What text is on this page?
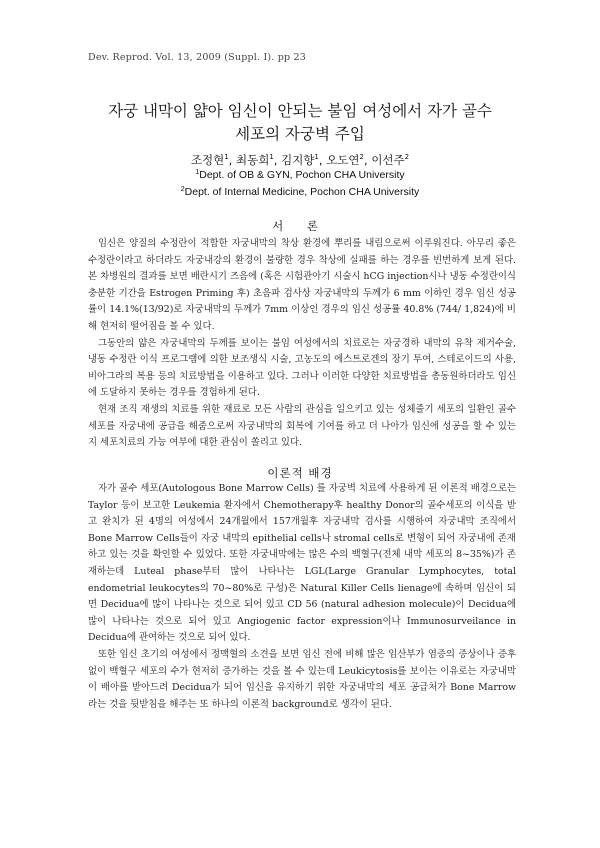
Dev. Reprod. Vol. 13, 2009 (Suppl. I). pp 23
자궁 내막이 얇아 임신이 안되는 불임 여성에서 자가 골수
세포의 자궁벽 주입
조정현$^1$, 최동희$^1$, 김지향$^1$, 오도연$^2$, 이선주$^2$
$^1$Dept. of OB & GYN, Pochon CHA University
$^2$Dept. of Internal Medicine, Pochon CHA University
서 론

임신은 양질의 수정란이 적합한 자궁내막의 착상 환경에 뿌리를 내림으로써 이루워진다. 아무리 좋은 수정란이라고 하더라도 자궁내강의 환경이 불량한 경우 착상에 실패를 하는 경우를 빈번하게 보게 된다. 본 차병원의 결과를 보면 배란시기 즈음에 (혹은 시험관아기 시술시 hCG injection시나 냉동 수정란이식 충분한 기간을 Estrogen Priming 후) 초음파 검사상 자궁내막의 두께가 6 mm 이하인 경우 임신 성공률이 14.1%(13/92)로 자궁내막의 두께가 7mm 이상인 경우의 임신 성공률 40.8% (744/ 1,824)에 비해 현저히 떨어짐을 볼 수 있다.

그동안의 얇은 자궁내막의 두께를 보이는 불임 여성에서의 치료로는 자궁경하 내막의 유착 제거수술, 냉동 수정란 이식 프로그램에 의한 보조생식 시술, 고농도의 에스트로겐의 장기 투여, 스테로이드의 사용,비아그라의 복용 등의 치료방법을 이용하고 있다. 그러나 이러한 다양한 치료방법을 총동원하더라도 임신에 도달하지 못하는 경우를 경험하게 된다.

현재 조직 재생의 치료를 위한 재료로 모든 사람의 관심을 일으키고 있는 성체줄기 세포의 일환인 골수세포를 자궁내에 공급을 해줌으로써 자궁내막의 회복에 기여를 하고 더 나아가 임신에 성공을 할 수 있는지 세포치료의 가능 여부에 대한 관심이 쏠리고 있다.

이론적 배경

자가 골수 세포(Autologous Bone Marrow Cells) 를 자궁벽 치료에 사용하게 된 이론적 배경으로는 Taylor 등이 보고한 Leukemia 환자에서 Chemotherapy후 healthy Donor의 골수세포의 이식을 받고 완치가 된 4명의 여성에서 24개월에서 157개월후 자궁내막 검사를 시행하여 자궁내막 조직에서 Bone Marrow Cells들이 자궁 내막의 epithelial cells나 stromal cells로 변형이 되어 자궁내에 존재하고 있는 것을 확인할 수 있었다. 또한 자궁내막에는 많은 수의 백혈구(전체 내막 세포의 8~35%)가 존재하는데 Luteal phase부터 많이 나타나는 LGL(Large Granular Lymphocytes, total endometrial leukocytes의 70~80%로 구성)은 Natural Killer Cells lienage에 속하며 임신이 되면 Decidua에 많이 나타나는 것으로 되어 있고 CD 56 (natural adhesion molecule)이 Decidua에 많이 나타나는 것으로 되어 있고 Angiogenic factor expression이나 Immunosurveilance in Decidua에 관여하는 것으로 되어 있다.

또한 임신 초기의 여성에서 정맥혈의 소견을 보면 임신 전에 비해 많은 임산부가 염증의 증상이나 증후없이 백혈구 세포의 수가 현저히 증가하는 것을 볼 수 있는데 Leukicytosis를 보이는 이유로는 자궁내막이 배아를 받아드려 Decidua가 되어 임신을 유지하기 위한 자궁내막의 세포 공급처가 Bone Marrow 라는 것을 뒷받침을 해주는 또 하나의 이론적 background로 생각이 된다.
